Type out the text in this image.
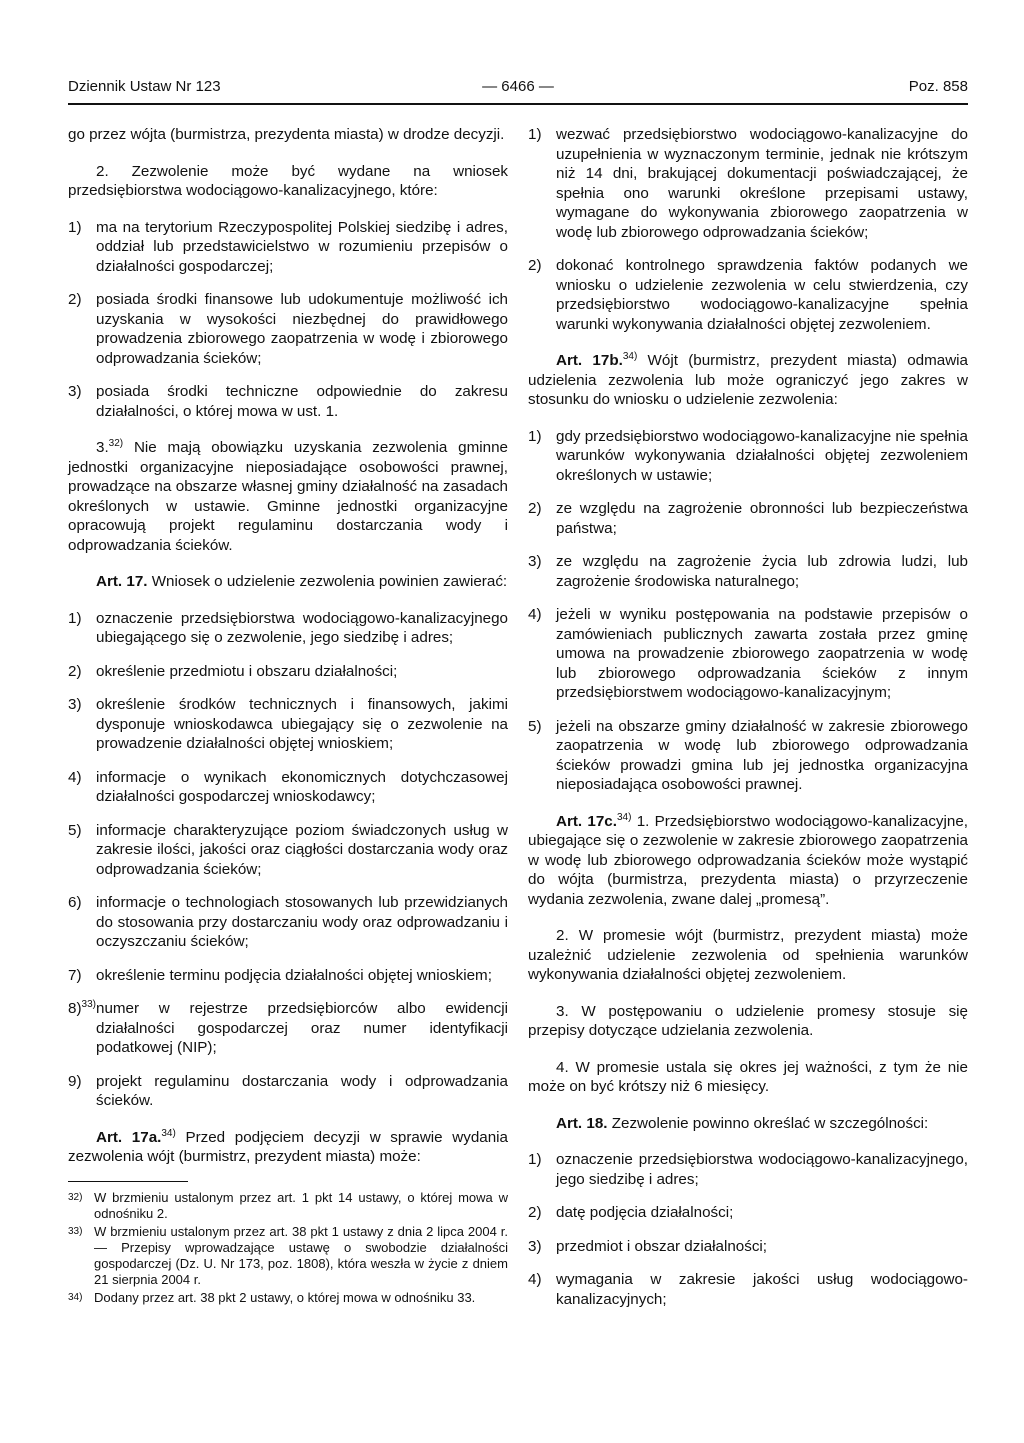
Dziennik Ustaw Nr 123	— 6466 —	Poz. 858

go przez wójta (burmistrza, prezydenta miasta) w drodze decyzji.

2. Zezwolenie może być wydane na wniosek przedsiębiorstwa wodociągowo-kanalizacyjnego, które:

1) ma na terytorium Rzeczypospolitej Polskiej siedzibę i adres, oddział lub przedstawicielstwo w rozumieniu przepisów o działalności gospodarczej;
2) posiada środki finansowe lub udokumentuje możliwość ich uzyskania w wysokości niezbędnej do prawidłowego prowadzenia zbiorowego zaopatrzenia w wodę i zbiorowego odprowadzania ścieków;
3) posiada środki techniczne odpowiednie do zakresu działalności, o której mowa w ust. 1.

3.$^{32)}$ Nie mają obowiązku uzyskania zezwolenia gminne jednostki organizacyjne nieposiadające osobowości prawnej, prowadzące na obszarze własnej gminy działalność na zasadach określonych w ustawie. Gminne jednostki organizacyjne opracowują projekt regulaminu dostarczania wody i odprowadzania ścieków.

Art. 17. Wniosek o udzielenie zezwolenia powinien zawierać:

1) oznaczenie przedsiębiorstwa wodociągowo-kanalizacyjnego ubiegającego się o zezwolenie, jego siedzibę i adres;
2) określenie przedmiotu i obszaru działalności;
3) określenie środków technicznych i finansowych, jakimi dysponuje wnioskodawca ubiegający się o zezwolenie na prowadzenie działalności objętej wnioskiem;
4) informacje o wynikach ekonomicznych dotychczasowej działalności gospodarczej wnioskodawcy;
5) informacje charakteryzujące poziom świadczonych usług w zakresie ilości, jakości oraz ciągłości dostarczania wody oraz odprowadzania ścieków;
6) informacje o technologiach stosowanych lub przewidzianych do stosowania przy dostarczaniu wody oraz odprowadzaniu i oczyszczaniu ścieków;
7) określenie terminu podjęcia działalności objętej wnioskiem;
8)$^{33)}$ numer w rejestrze przedsiębiorców albo ewidencji działalności gospodarczej oraz numer identyfikacji podatkowej (NIP);
9) projekt regulaminu dostarczania wody i odprowadzania ścieków.

Art. 17a.$^{34)}$ Przed podjęciem decyzji w sprawie wydania zezwolenia wójt (burmistrz, prezydent miasta) może:

32) W brzmieniu ustalonym przez art. 1 pkt 14 ustawy, o której mowa w odnośniku 2.
33) W brzmieniu ustalonym przez art. 38 pkt 1 ustawy z dnia 2 lipca 2004 r. — Przepisy wprowadzające ustawę o swobodzie działalności gospodarczej (Dz. U. Nr 173, poz. 1808), która weszła w życie z dniem 21 sierpnia 2004 r.
34) Dodany przez art. 38 pkt 2 ustawy, o której mowa w odnośniku 33.
1) wezwać przedsiębiorstwo wodociągowo-kanalizacyjne do uzupełnienia w wyznaczonym terminie, jednak nie krótszym niż 14 dni, brakującej dokumentacji poświadczającej, że spełnia ono warunki określone przepisami ustawy, wymagane do wykonywania zbiorowego zaopatrzenia w wodę lub zbiorowego odprowadzania ścieków;
2) dokonać kontrolnego sprawdzenia faktów podanych we wniosku o udzielenie zezwolenia w celu stwierdzenia, czy przedsiębiorstwo wodociągowo-kanalizacyjne spełnia warunki wykonywania działalności objętej zezwoleniem.

Art. 17b.$^{34)}$ Wójt (burmistrz, prezydent miasta) odmawia udzielenia zezwolenia lub może ograniczyć jego zakres w stosunku do wniosku o udzielenie zezwolenia:

1) gdy przedsiębiorstwo wodociągowo-kanalizacyjne nie spełnia warunków wykonywania działalności objętej zezwoleniem określonych w ustawie;
2) ze względu na zagrożenie obronności lub bezpieczeństwa państwa;
3) ze względu na zagrożenie życia lub zdrowia ludzi, lub zagrożenie środowiska naturalnego;
4) jeżeli w wyniku postępowania na podstawie przepisów o zamówieniach publicznych zawarta została przez gminę umowa na prowadzenie zbiorowego zaopatrzenia w wodę lub zbiorowego odprowadzania ścieków z innym przedsiębiorstwem wodociągowo-kanalizacyjnym;
5) jeżeli na obszarze gminy działalność w zakresie zbiorowego zaopatrzenia w wodę lub zbiorowego odprowadzania ścieków prowadzi gmina lub jej jednostka organizacyjna nieposiadająca osobowości prawnej.

Art. 17c.$^{34)}$ 1. Przedsiębiorstwo wodociągowo-kanalizacyjne, ubiegające się o zezwolenie w zakresie zbiorowego zaopatrzenia w wodę lub zbiorowego odprowadzania ścieków może wystąpić do wójta (burmistrza, prezydenta miasta) o przyrzeczenie wydania zezwolenia, zwane dalej „promesą”.

2. W promesie wójt (burmistrz, prezydent miasta) może uzależnić udzielenie zezwolenia od spełnienia warunków wykonywania działalności objętej zezwoleniem.

3. W postępowaniu o udzielenie promesy stosuje się przepisy dotyczące udzielania zezwolenia.

4. W promesie ustala się okres jej ważności, z tym że nie może on być krótszy niż 6 miesięcy.

Art. 18. Zezwolenie powinno określać w szczególności:

1) oznaczenie przedsiębiorstwa wodociągowo-kanalizacyjnego, jego siedzibę i adres;
2) datę podjęcia działalności;
3) przedmiot i obszar działalności;
4) wymagania w zakresie jakości usług wodociągowo-kanalizacyjnych;
